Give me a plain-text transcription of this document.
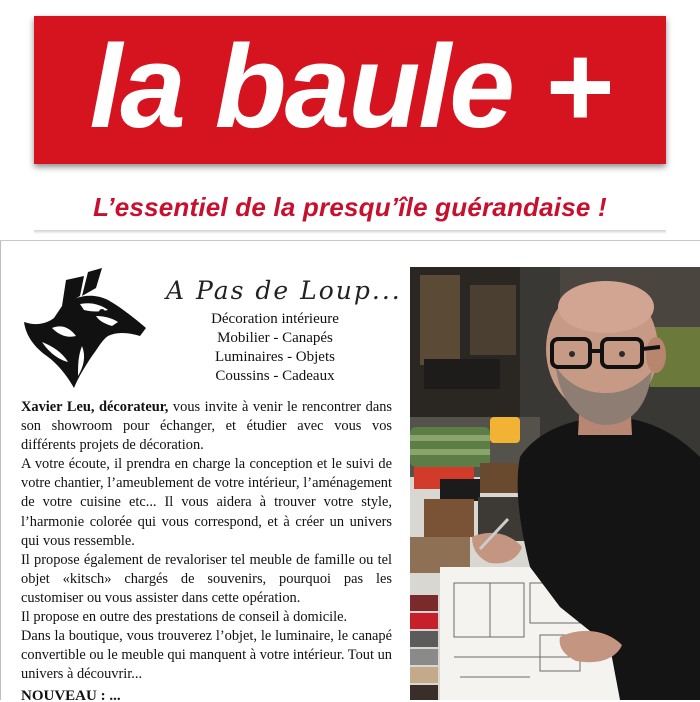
la baule +
L’essentiel de la presqu’île guérandaise !
A Pas de Loup...
Décoration intérieure
Mobilier - Canapés
Luminaires - Objets
Coussins - Cadeaux

Xavier Leu, décorateur, vous invite à venir le rencontrer dans son showroom pour échanger, et étudier avec vous vos différents projets de décoration.

A votre écoute, il prendra en charge la conception et le suivi de votre chantier, l’ameublement de votre intérieur, l’aménagement de votre cuisine etc... Il vous aidera à trouver votre style, l’harmonie colorée qui vous correspond, et à créer un univers qui vous ressemble.

Il propose également de revaloriser tel meuble de famille ou tel objet «kitsch» chargés de souvenirs, pourquoi pas les customiser ou vous assister dans cette opération.

Il propose en outre des prestations de conseil à domicile.

Dans la boutique, vous trouverez l’objet, le luminaire, le canapé convertible ou le meuble qui manquent à votre intérieur. Tout un univers à découvrir...

NOUVEAU : ...
